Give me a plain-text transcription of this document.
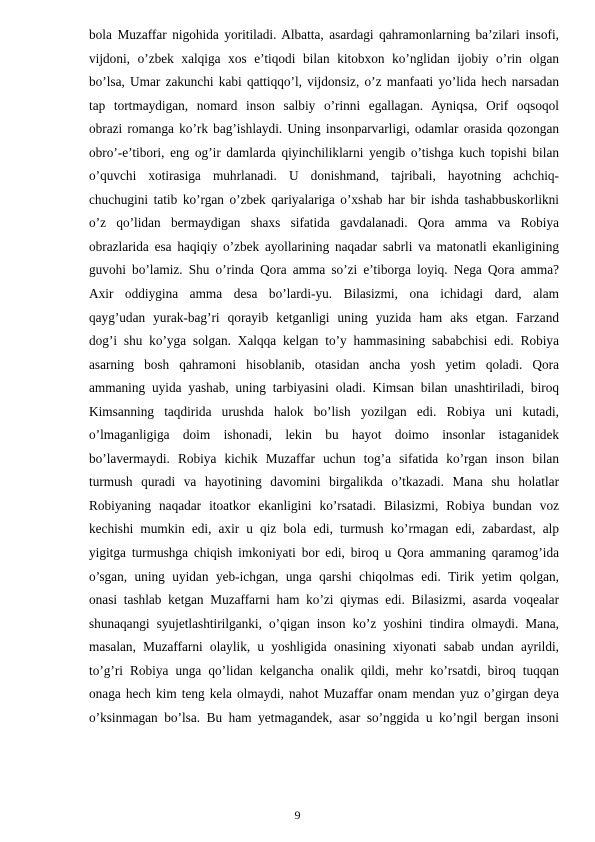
bola Muzaffar nigohida yoritiladi. Albatta, asardagi qahramonlarning ba’zilari insofi,
vijdoni, o’zbek xalqiga xos e’tiqodi bilan kitobxon ko’nglidan ijobiy o’rin olgan
bo’lsa, Umar zakunchi kabi qattiqqo’l, vijdonsiz, o’z manfaati yo’lida hech narsadan
tap tortmaydigan, nomard inson salbiy o’rinni egallagan. Ayniqsa, Orif oqsoqol
obrazi romanga ko’rk bag’ishlaydi. Uning insonparvarligi, odamlar orasida qozongan
obro’-e’tibori, eng og’ir damlarda qiyinchiliklarni yengib o’tishga kuch topishi bilan
o’quvchi xotirasiga muhrlanadi. U donishmand, tajribali, hayotning achchiq-
chuchugini tatib ko’rgan o’zbek qariyalariga o’xshab har bir ishda tashabbuskorlikni
o’z qo’lidan bermaydigan shaxs sifatida gavdalanadi. Qora amma va Robiya
obrazlarida esa haqiqiy o’zbek ayollarining naqadar sabrli va matonatli ekanligining
guvohi bo’lamiz. Shu o’rinda Qora amma so’zi e’tiborga loyiq. Nega Qora amma?
Axir oddiygina amma desa bo’lardi-yu. Bilasizmi, ona ichidagi dard, alam
qayg’udan yurak-bag’ri qorayib ketganligi uning yuzida ham aks etgan. Farzand
dog’i shu ko’yga solgan. Xalqqa kelgan to’y hammasining sababchisi edi. Robiya
asarning bosh qahramoni hisoblanib, otasidan ancha yosh yetim qoladi. Qora
ammaning uyida yashab, uning tarbiyasini oladi. Kimsan bilan unashtiriladi, biroq
Kimsanning taqdirida urushda halok bo’lish yozilgan edi. Robiya uni kutadi,
o’lmaganligiga doim ishonadi, lekin bu hayot doimo insonlar istaganidek
bo’lavermaydi. Robiya kichik Muzaffar uchun tog’a sifatida ko’rgan inson bilan
turmush quradi va hayotining davomini birgalikda o’tkazadi. Mana shu holatlar
Robiyaning naqadar itoatkor ekanligini ko’rsatadi. Bilasizmi, Robiya bundan voz
kechishi mumkin edi, axir u qiz bola edi, turmush ko’rmagan edi, zabardast, alp
yigitga turmushga chiqish imkoniyati bor edi, biroq u Qora ammaning qaramog’ida
o’sgan, uning uyidan yeb-ichgan, unga qarshi chiqolmas edi. Tirik yetim qolgan,
onasi tashlab ketgan Muzaffarni ham ko’zi qiymas edi. Bilasizmi, asarda voqealar
shunaqangi syujetlashtirilganki, o’qigan inson ko’z yoshini tindira olmaydi. Mana,
masalan, Muzaffarni olaylik, u yoshligida onasining xiyonati sabab undan ayrildi,
to’g’ri Robiya unga qo’lidan kelgancha onalik qildi, mehr ko’rsatdi, biroq tuqqan
onaga hech kim teng kela olmaydi, nahot Muzaffar onam mendan yuz o’girgan deya
o’ksinmagan bo’lsa. Bu ham yetmagandek, asar so’nggida u ko’ngil bergan insoni
9
